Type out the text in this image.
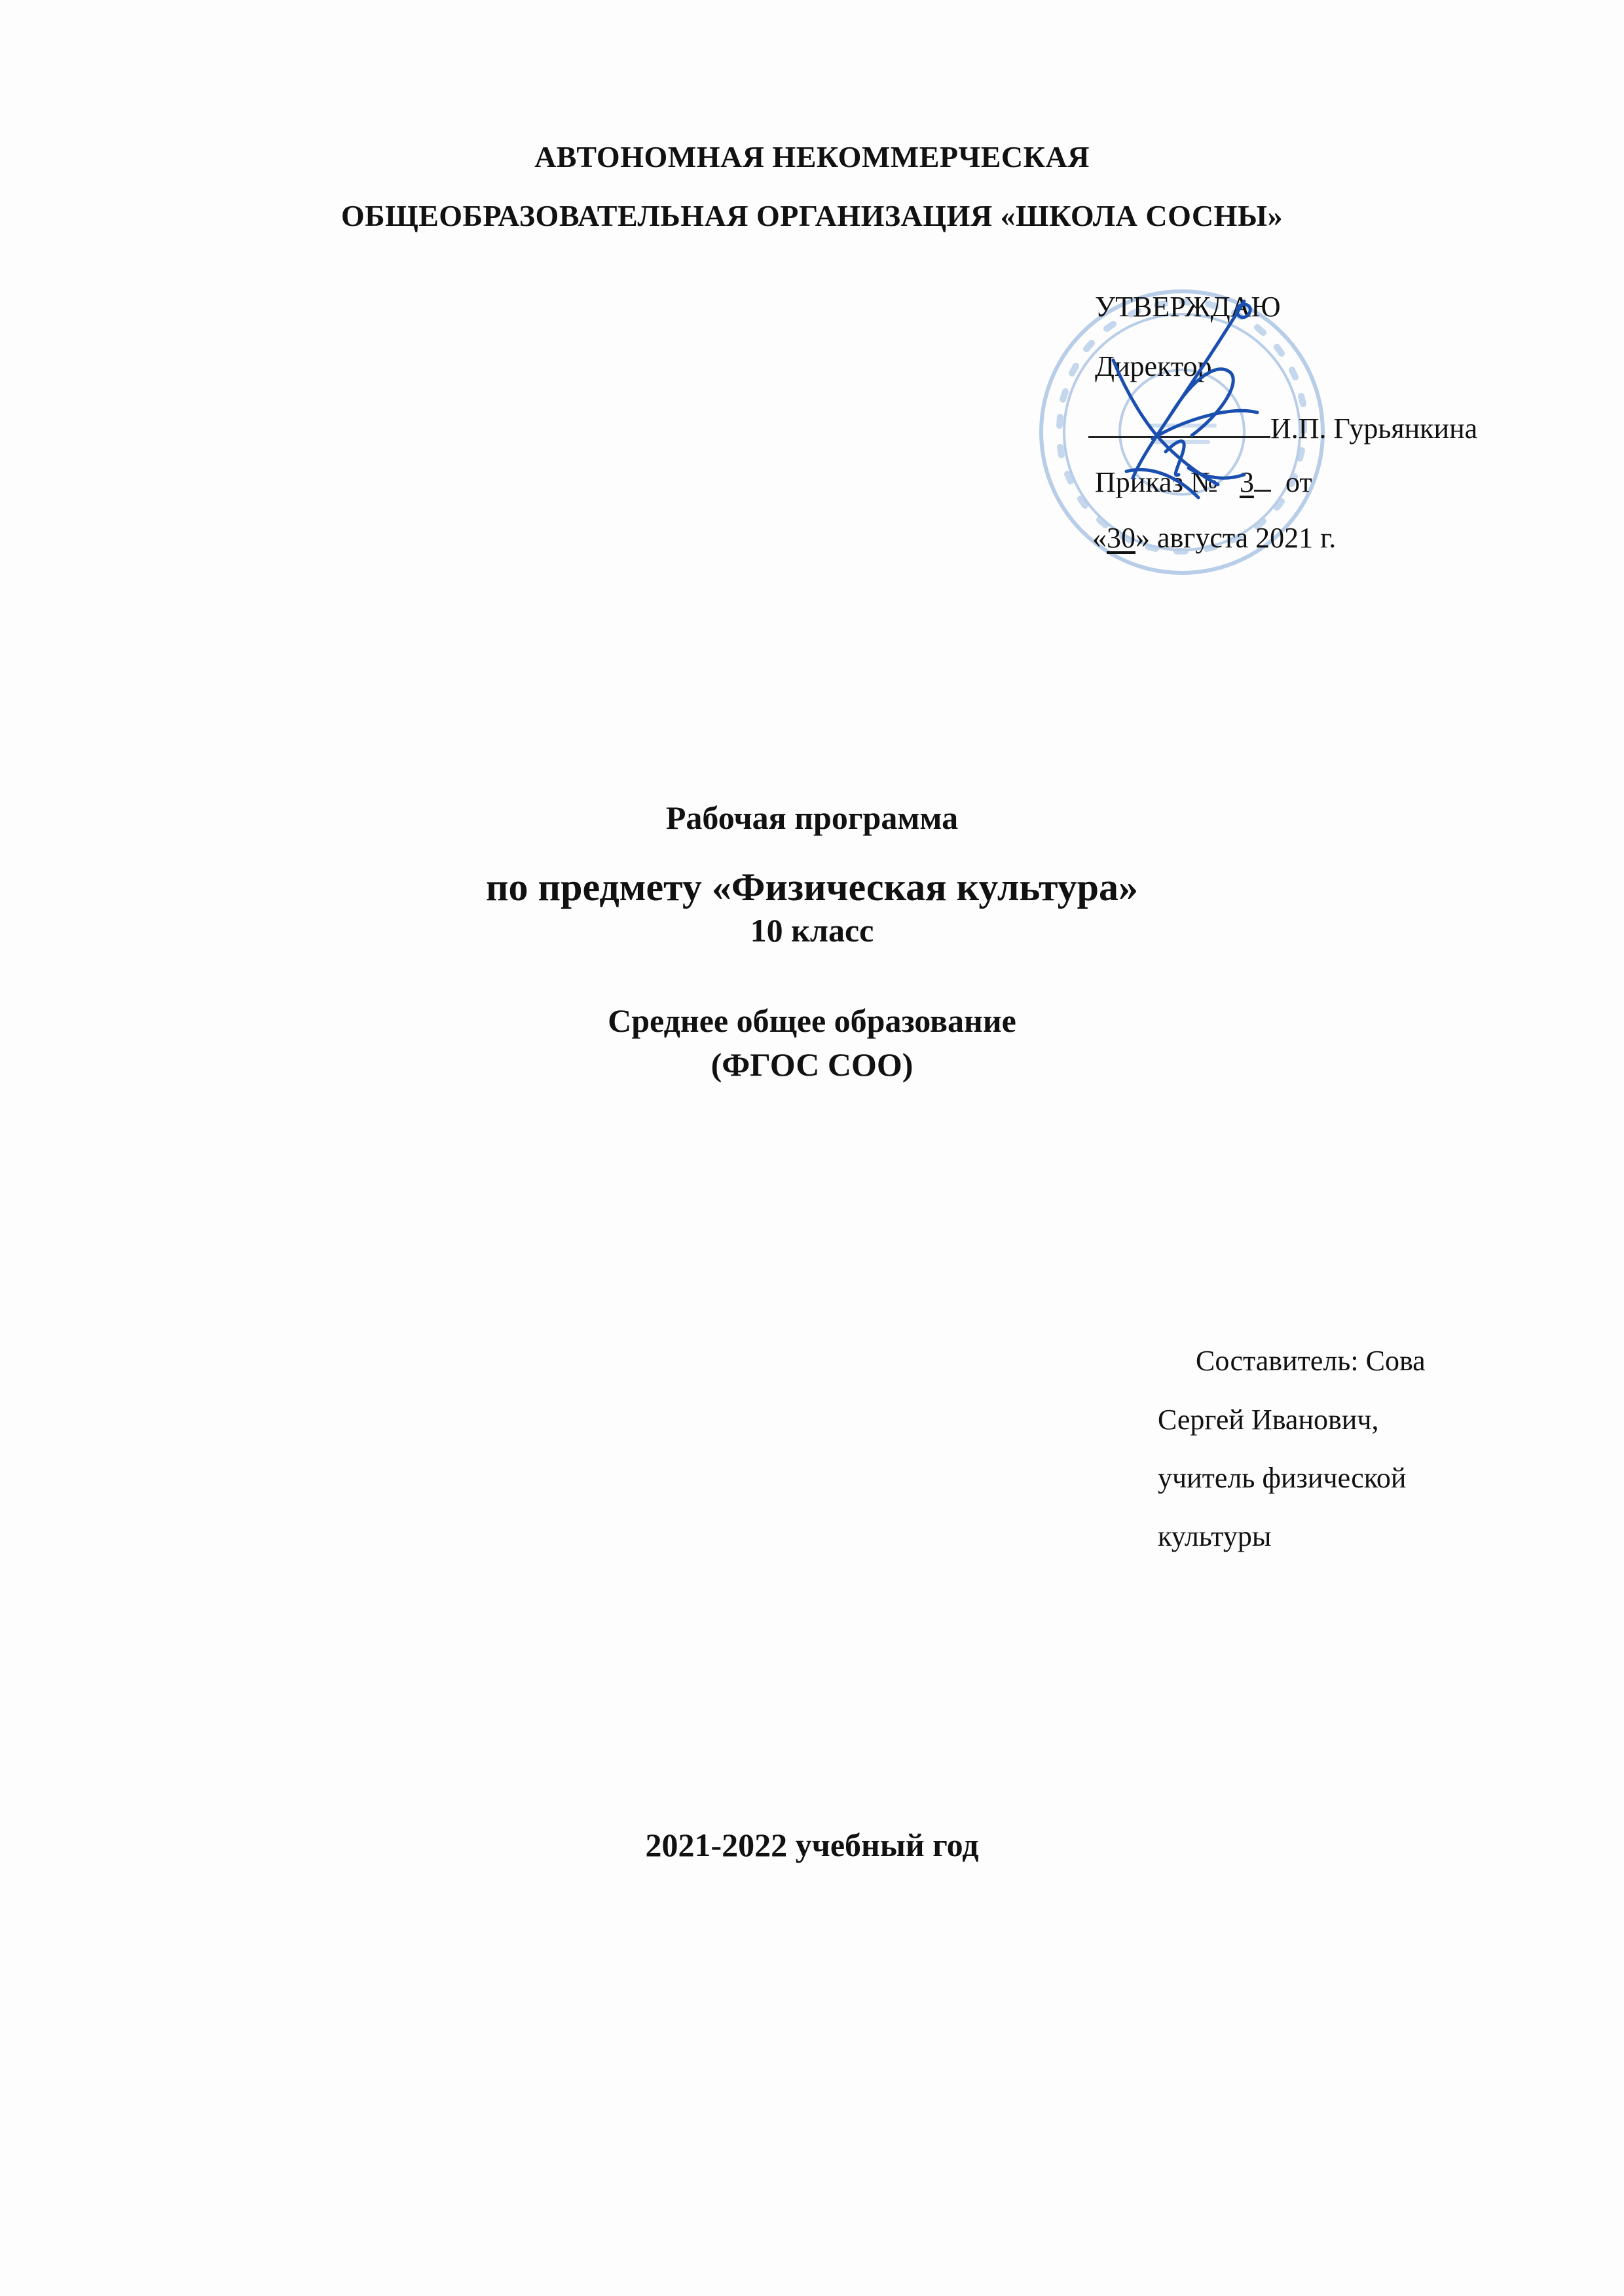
АВТОНОМНАЯ НЕКОММЕРЧЕСКАЯ
ОБЩЕОБРАЗОВАТЕЛЬНАЯ ОРГАНИЗАЦИЯ «ШКОЛА СОСНЫ»
УТВЕРЖДАЮ
Директор
И.П. Гурьянкина
Приказ № 3 от
«30» августа 2021 г.
Рабочая программа
по предмету «Физическая культура»
10 класс
Среднее общее образование
(ФГОС СОО)
Составитель: Сова
Сергей Иванович,
учитель физической
культуры
2021-2022 учебный год
